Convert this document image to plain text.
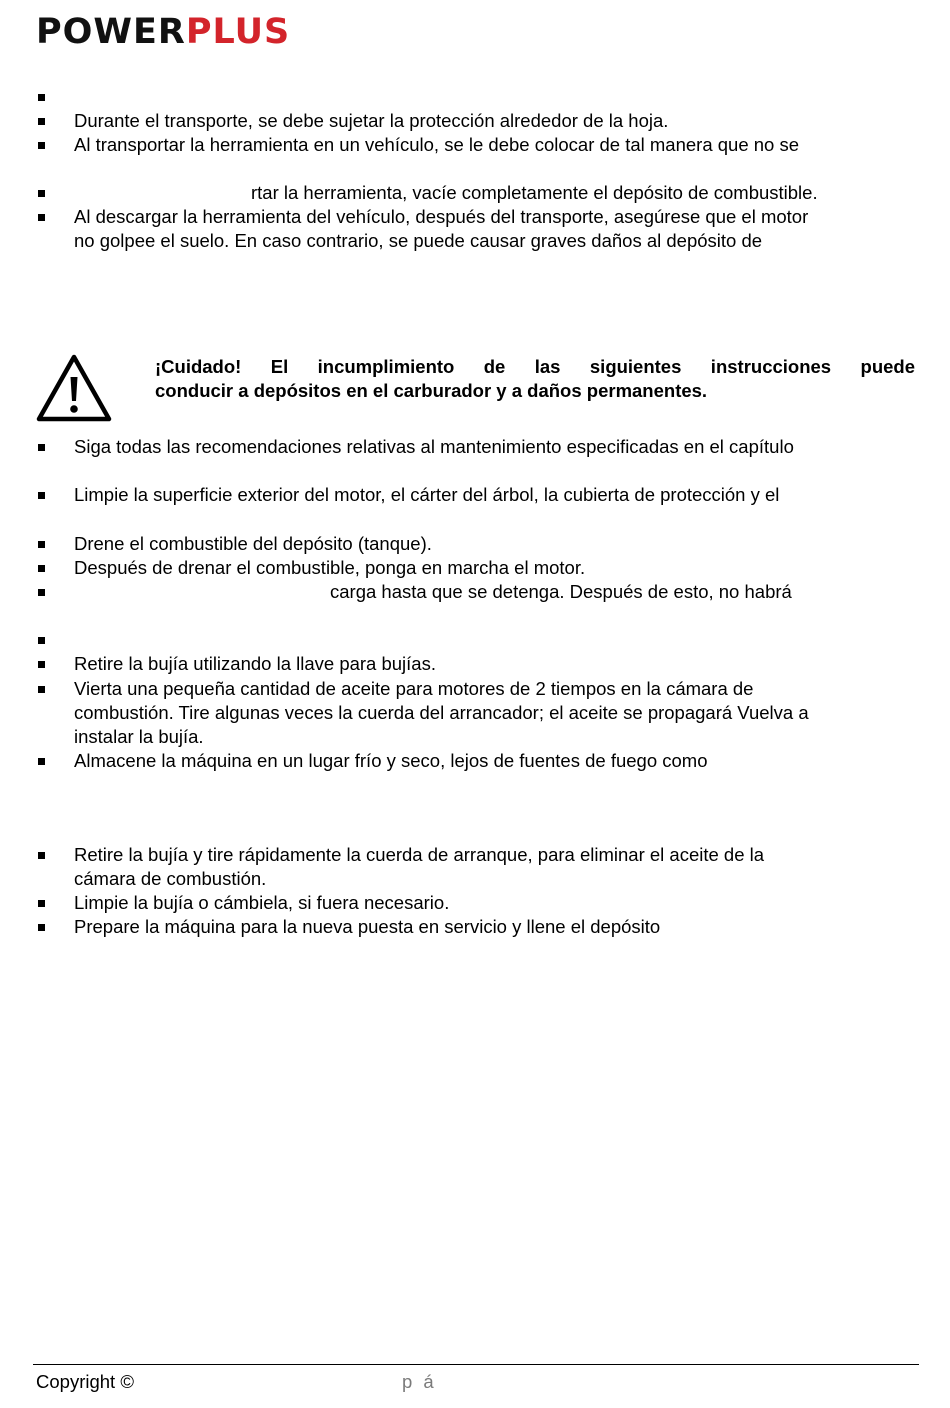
POWERPLUS
Durante el transporte, se debe sujetar la protección alrededor de la hoja.
Al transportar la herramienta en un vehículo, se le debe colocar de tal manera que no se
rtar la herramienta, vacíe completamente el depósito de combustible.
Al descargar la herramienta del vehículo, después del transporte, asegúrese que el motor
no golpee el suelo. En caso contrario, se puede causar graves daños al depósito de
¡Cuidado! El incumplimiento de las siguientes instrucciones puede
conducir a depósitos en el carburador y a daños permanentes.
Siga todas las recomendaciones relativas al mantenimiento especificadas en el capítulo
Limpie la superficie exterior del motor, el cárter del árbol, la cubierta de protección y el
Drene el combustible del depósito (tanque).
Después de drenar el combustible, ponga en marcha el motor.
carga hasta que se detenga. Después de esto, no habrá
Retire la bujía utilizando la llave para bujías.
Vierta una pequeña cantidad de aceite para motores de 2 tiempos en la cámara de
combustión. Tire algunas veces la cuerda del arrancador; el aceite se propagará Vuelva a
instalar la bujía.
Almacene la máquina en un lugar frío y seco, lejos de fuentes de fuego como
Retire la bujía y tire rápidamente la cuerda de arranque, para eliminar el aceite de la
cámara de combustión.
Limpie la bujía o cámbiela, si fuera necesario.
Prepare la máquina para la nueva puesta en servicio y llene el depósito
Copyright ©	p á
